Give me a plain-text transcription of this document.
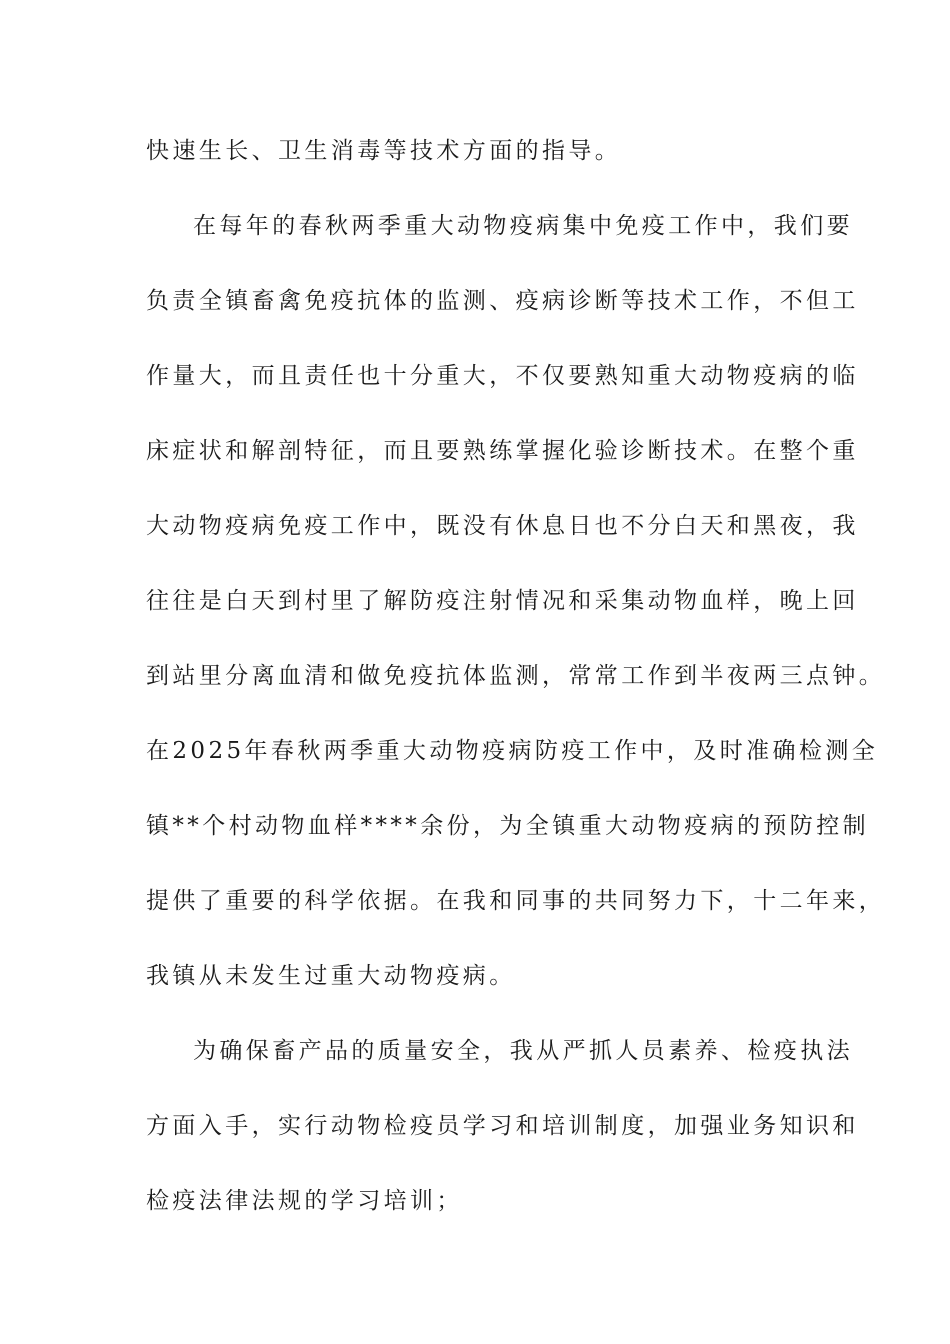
快速生长、卫生消毒等技术方面的指导。
在每年的春秋两季重大动物疫病集中免疫工作中，我们要
负责全镇畜禽免疫抗体的监测、疫病诊断等技术工作，不但工
作量大，而且责任也十分重大，不仅要熟知重大动物疫病的临
床症状和解剖特征，而且要熟练掌握化验诊断技术。在整个重
大动物疫病免疫工作中，既没有休息日也不分白天和黑夜，我
往往是白天到村里了解防疫注射情况和采集动物血样，晚上回
到站里分离血清和做免疫抗体监测，常常工作到半夜两三点钟。
在2025年春秋两季重大动物疫病防疫工作中，及时准确检测全
镇**个村动物血样****余份，为全镇重大动物疫病的预防控制
提供了重要的科学依据。在我和同事的共同努力下，十二年来，
我镇从未发生过重大动物疫病。
为确保畜产品的质量安全，我从严抓人员素养、检疫执法
方面入手，实行动物检疫员学习和培训制度，加强业务知识和
检疫法律法规的学习培训；
